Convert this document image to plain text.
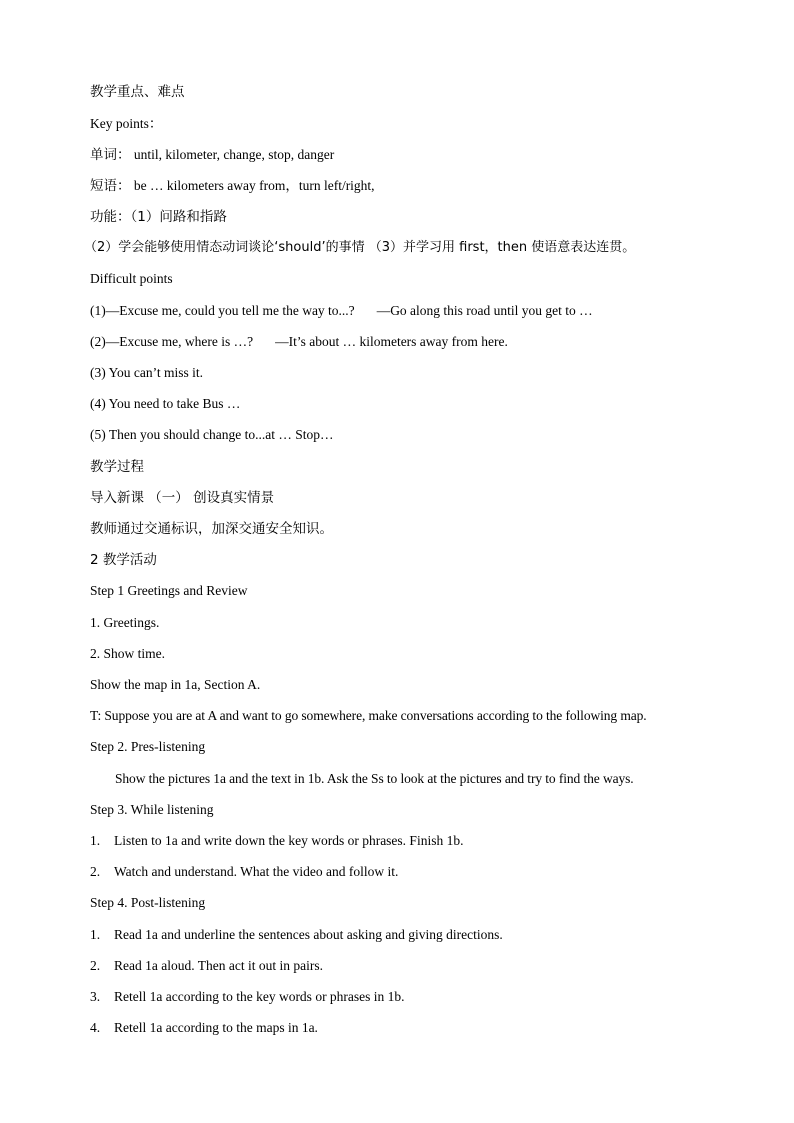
教学重点、难点
Key points：
单词： until, kilometer, change, stop, danger
短语： be … kilometers away from，turn left/right,
功能：（1）问路和指路
（2）学会能够使用情态动词谈论‘should’的事情 （3）并学习用 first，then 使语意表达连贯。
Difficult points
(1)—Excuse me, could you tell me the way to...? —Go along this road until you get to …
(2)—Excuse me, where is …? —It’s about … kilometers away from here.
(3) You can’t miss it.
(4) You need to take Bus …
(5) Then you should change to...at … Stop…
教学过程
导入新课 （一） 创设真实情景
教师通过交通标识，加深交通安全知识。
2 教学活动
Step 1 Greetings and Review
1. Greetings.
2. Show time.
Show the map in 1a, Section A.
T: Suppose you are at A and want to go somewhere, make conversations according to the following map.
Step 2. Pres-listening
Show the pictures 1a and the text in 1b. Ask the Ss to look at the pictures and try to find the ways.
Step 3. While listening
1. Listen to 1a and write down the key words or phrases. Finish 1b.
2. Watch and understand. What the video and follow it.
Step 4. Post-listening
1. Read 1a and underline the sentences about asking and giving directions.
2. Read 1a aloud. Then act it out in pairs.
3. Retell 1a according to the key words or phrases in 1b.
4. Retell 1a according to the maps in 1a.
